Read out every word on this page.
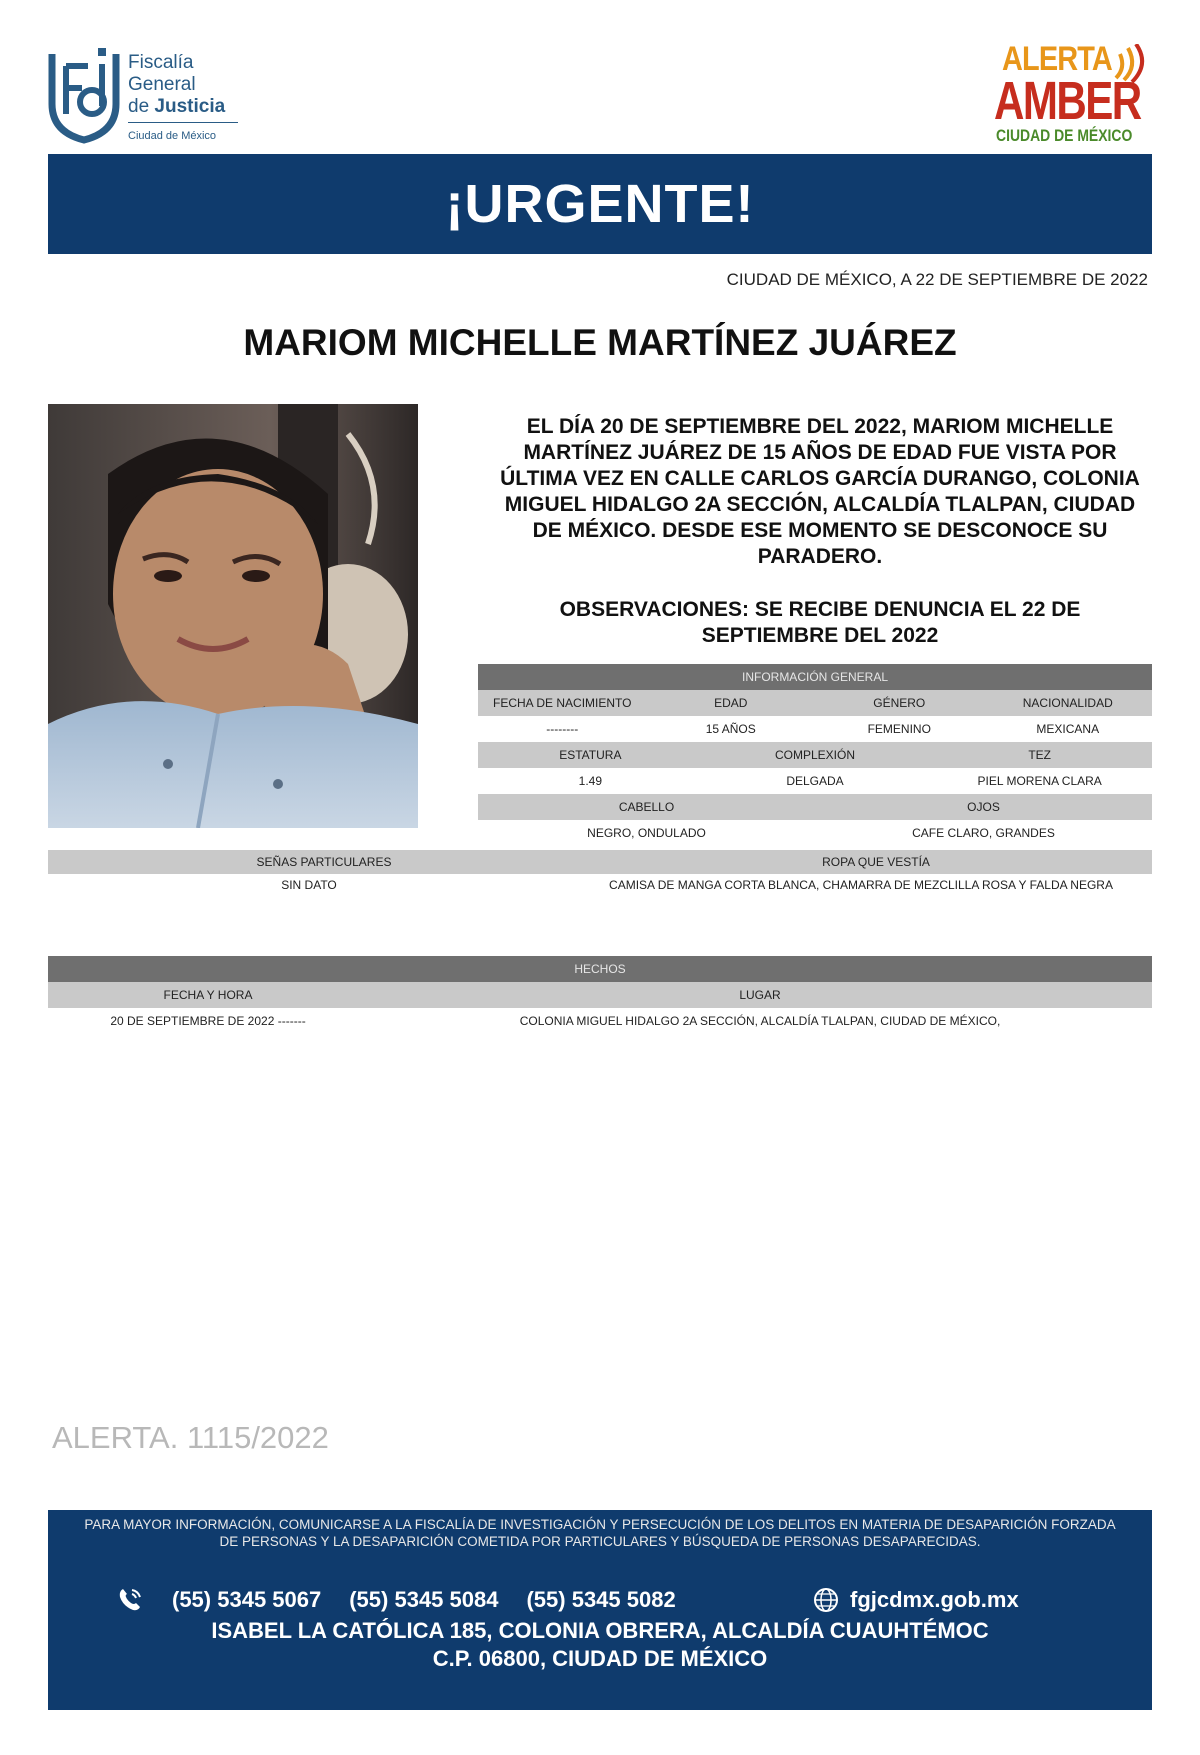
Fiscalía
General
de Justicia
Ciudad de México
ALERTA
AMBER
CIUDAD DE MÉXICO
¡URGENTE!
CIUDAD DE MÉXICO, A 22 DE SEPTIEMBRE DE 2022
MARIOM MICHELLE MARTÍNEZ JUÁREZ
EL DÍA 20 DE SEPTIEMBRE DEL 2022, MARIOM MICHELLE MARTÍNEZ JUÁREZ DE 15 AÑOS DE EDAD FUE VISTA POR ÚLTIMA VEZ EN CALLE CARLOS GARCÍA DURANGO, COLONIA MIGUEL HIDALGO 2A SECCIÓN, ALCALDÍA TLALPAN, CIUDAD DE MÉXICO. DESDE ESE MOMENTO SE DESCONOCE SU PARADERO.
OBSERVACIONES: SE RECIBE DENUNCIA EL 22 DE SEPTIEMBRE DEL 2022
INFORMACIÓN GENERAL
FECHA DE NACIMIENTO	EDAD	GÉNERO	NACIONALIDAD
--------	15 AÑOS	FEMENINO	MEXICANA
ESTATURA	COMPLEXIÓN	TEZ
1.49	DELGADA	PIEL MORENA CLARA
CABELLO	OJOS
NEGRO, ONDULADO	CAFE CLARO, GRANDES
SEÑAS PARTICULARES	ROPA QUE VESTÍA
SIN DATO	CAMISA DE MANGA CORTA BLANCA, CHAMARRA DE MEZCLILLA ROSA Y FALDA NEGRA
HECHOS
FECHA Y HORA	LUGAR
20 DE SEPTIEMBRE DE 2022 -------	COLONIA MIGUEL HIDALGO 2A SECCIÓN, ALCALDÍA TLALPAN, CIUDAD DE MÉXICO,
ALERTA. 1115/2022
PARA MAYOR INFORMACIÓN, COMUNICARSE A LA FISCALÍA DE INVESTIGACIÓN Y PERSECUCIÓN DE LOS DELITOS EN MATERIA DE DESAPARICIÓN FORZADA DE PERSONAS Y LA DESAPARICIÓN COMETIDA POR PARTICULARES Y BÚSQUEDA DE PERSONAS DESAPARECIDAS.
(55) 5345 5067 (55) 5345 5084 (55) 5345 5082	fgjcdmx.gob.mx
ISABEL LA CATÓLICA 185, COLONIA OBRERA, ALCALDÍA CUAUHTÉMOC
C.P. 06800, CIUDAD DE MÉXICO
